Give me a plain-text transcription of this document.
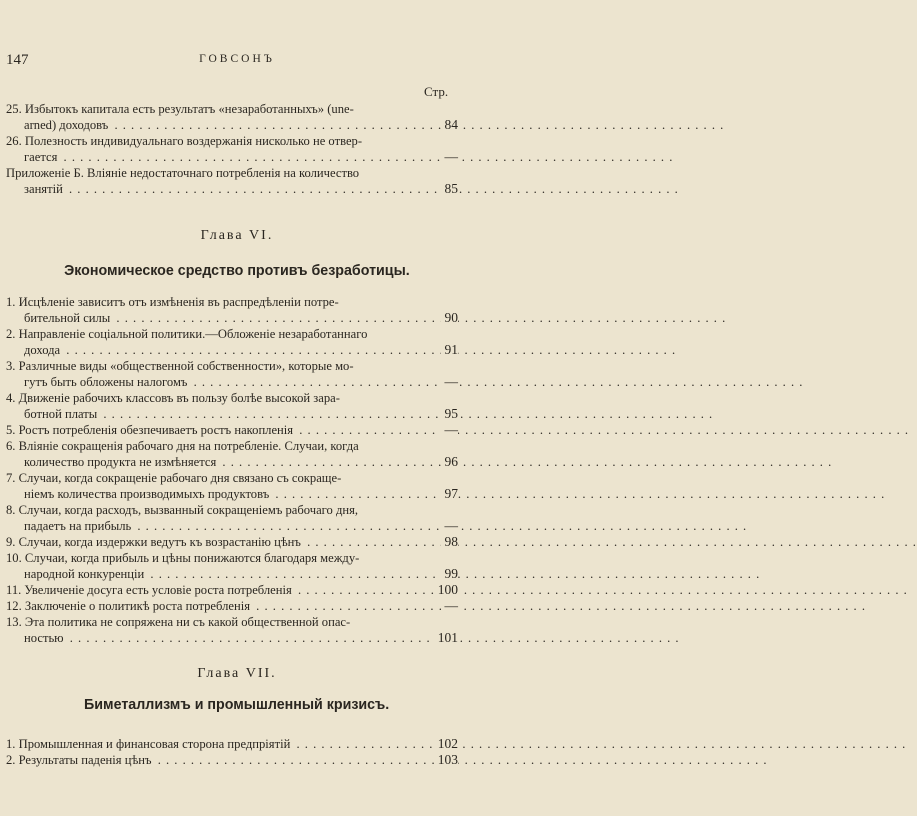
147	ГОВСОНЪ
Стр.
25. Избытокъ капитала есть результатъ «незаработанныхъ» (une-
arned) доходовъ	84
. . .
26. Полезность индивидуальнаго воздержанія нисколько не отвер-
гается	—
. . .
Приложеніе Б. Вліяніе недостаточнаго потребленія на количество
занятій	85
. . .
Глава VI.
Экономическое средство противъ безработицы.
1. Исцѣленіе зависитъ отъ измѣненія въ распредѣленіи потре-
бительной силы	90
. . .
2. Направленіе соціальной политики.—Обложеніе незаработаннаго
дохода	91
. . .
3. Различные виды «общественной собственности», которые мо-
гутъ быть обложены налогомъ	—
. . .
4. Движеніе рабочихъ классовъ въ пользу болѣе высокой зара-
ботной платы	95
. . .
5. Ростъ потребленія обезпечиваетъ ростъ накопленія	—
. . .
6. Вліяніе сокращенія рабочаго дня на потребленіе. Случаи, когда
количество продукта не измѣняется	96
. . .
7. Случаи, когда сокращеніе рабочаго дня связано съ сокраще-
ніемъ количества производимыхъ продуктовъ	97
. . .
8. Случаи, когда расходъ, вызванный сокращеніемъ рабочаго дня,
падаетъ на прибыль	—
. . .
9. Случаи, когда издержки ведутъ къ возрастанію цѣнъ	98
. . .
10. Случаи, когда прибыль и цѣны понижаются благодаря между-
народной конкуренціи	99
. . .
11. Увеличеніе досуга есть условіе роста потребленія	100
. . .
12. Заключеніе о политикѣ роста потребленія	—
. . .
13. Эта политика не сопряжена ни съ какой общественной опас-
ностью	101
. . .
Глава VII.
Биметаллизмъ и промышленный кризисъ.
1. Промышленная и финансовая сторона предпріятій	102
. . .
2. Результаты паденія цѣнъ	103
. . .
